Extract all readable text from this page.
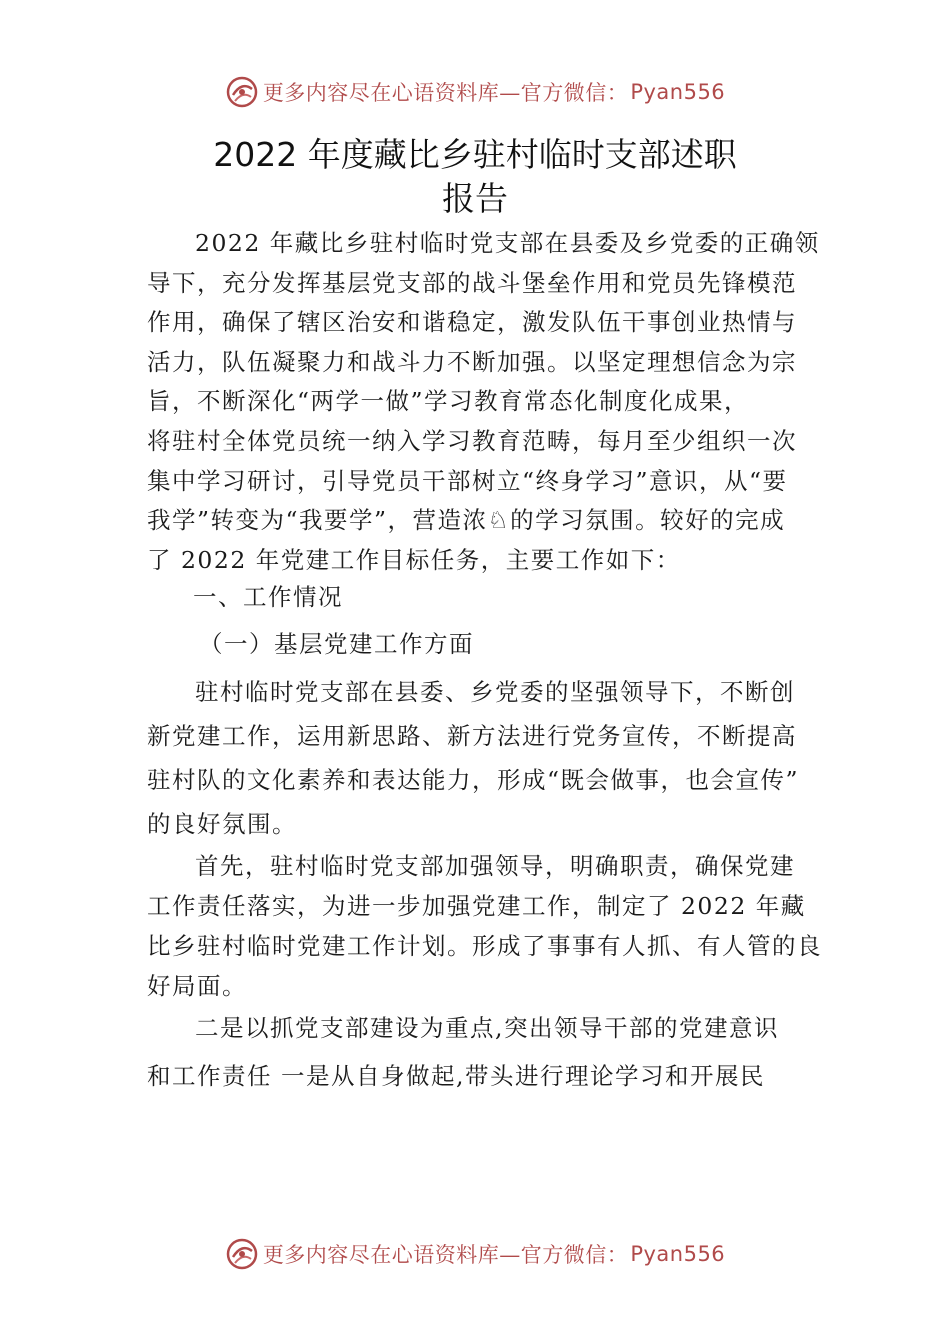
更多内容尽在心语资料库—官方微信： Pyan556
2022 年度藏比乡驻村临时支部述职
报告
2022 年藏比乡驻村临时党支部在县委及乡党委的正确领
导下，充分发挥基层党支部的战斗堡垒作用和党员先锋模范
作用，确保了辖区治安和谐稳定，激发队伍干事创业热情与
活力，队伍凝聚力和战斗力不断加强。以坚定理想信念为宗
旨，不断深化“两学一做”学习教育常态化制度化成果，
将驻村全体党员统一纳入学习教育范畴，每月至少组织一次
集中学习研讨，引导党员干部树立“终身学习”意识，从“要
我学”转变为“我要学”，营造浓♘的学习氛围。较好的完成
了 2022 年党建工作目标任务，主要工作如下：
一、工作情况
（一）基层党建工作方面
驻村临时党支部在县委、乡党委的坚强领导下，不断创
新党建工作，运用新思路、新方法进行党务宣传，不断提高
驻村队的文化素养和表达能力，形成“既会做事，也会宣传”
的良好氛围。
首先，驻村临时党支部加强领导，明确职责，确保党建
工作责任落实，为进一步加强党建工作，制定了 2022 年藏
比乡驻村临时党建工作计划。形成了事事有人抓、有人管的良
好局面。
二是以抓党支部建设为重点,突出领导干部的党建意识
和工作责任 一是从自身做起,带头进行理论学习和开展民
更多内容尽在心语资料库—官方微信： Pyan556
